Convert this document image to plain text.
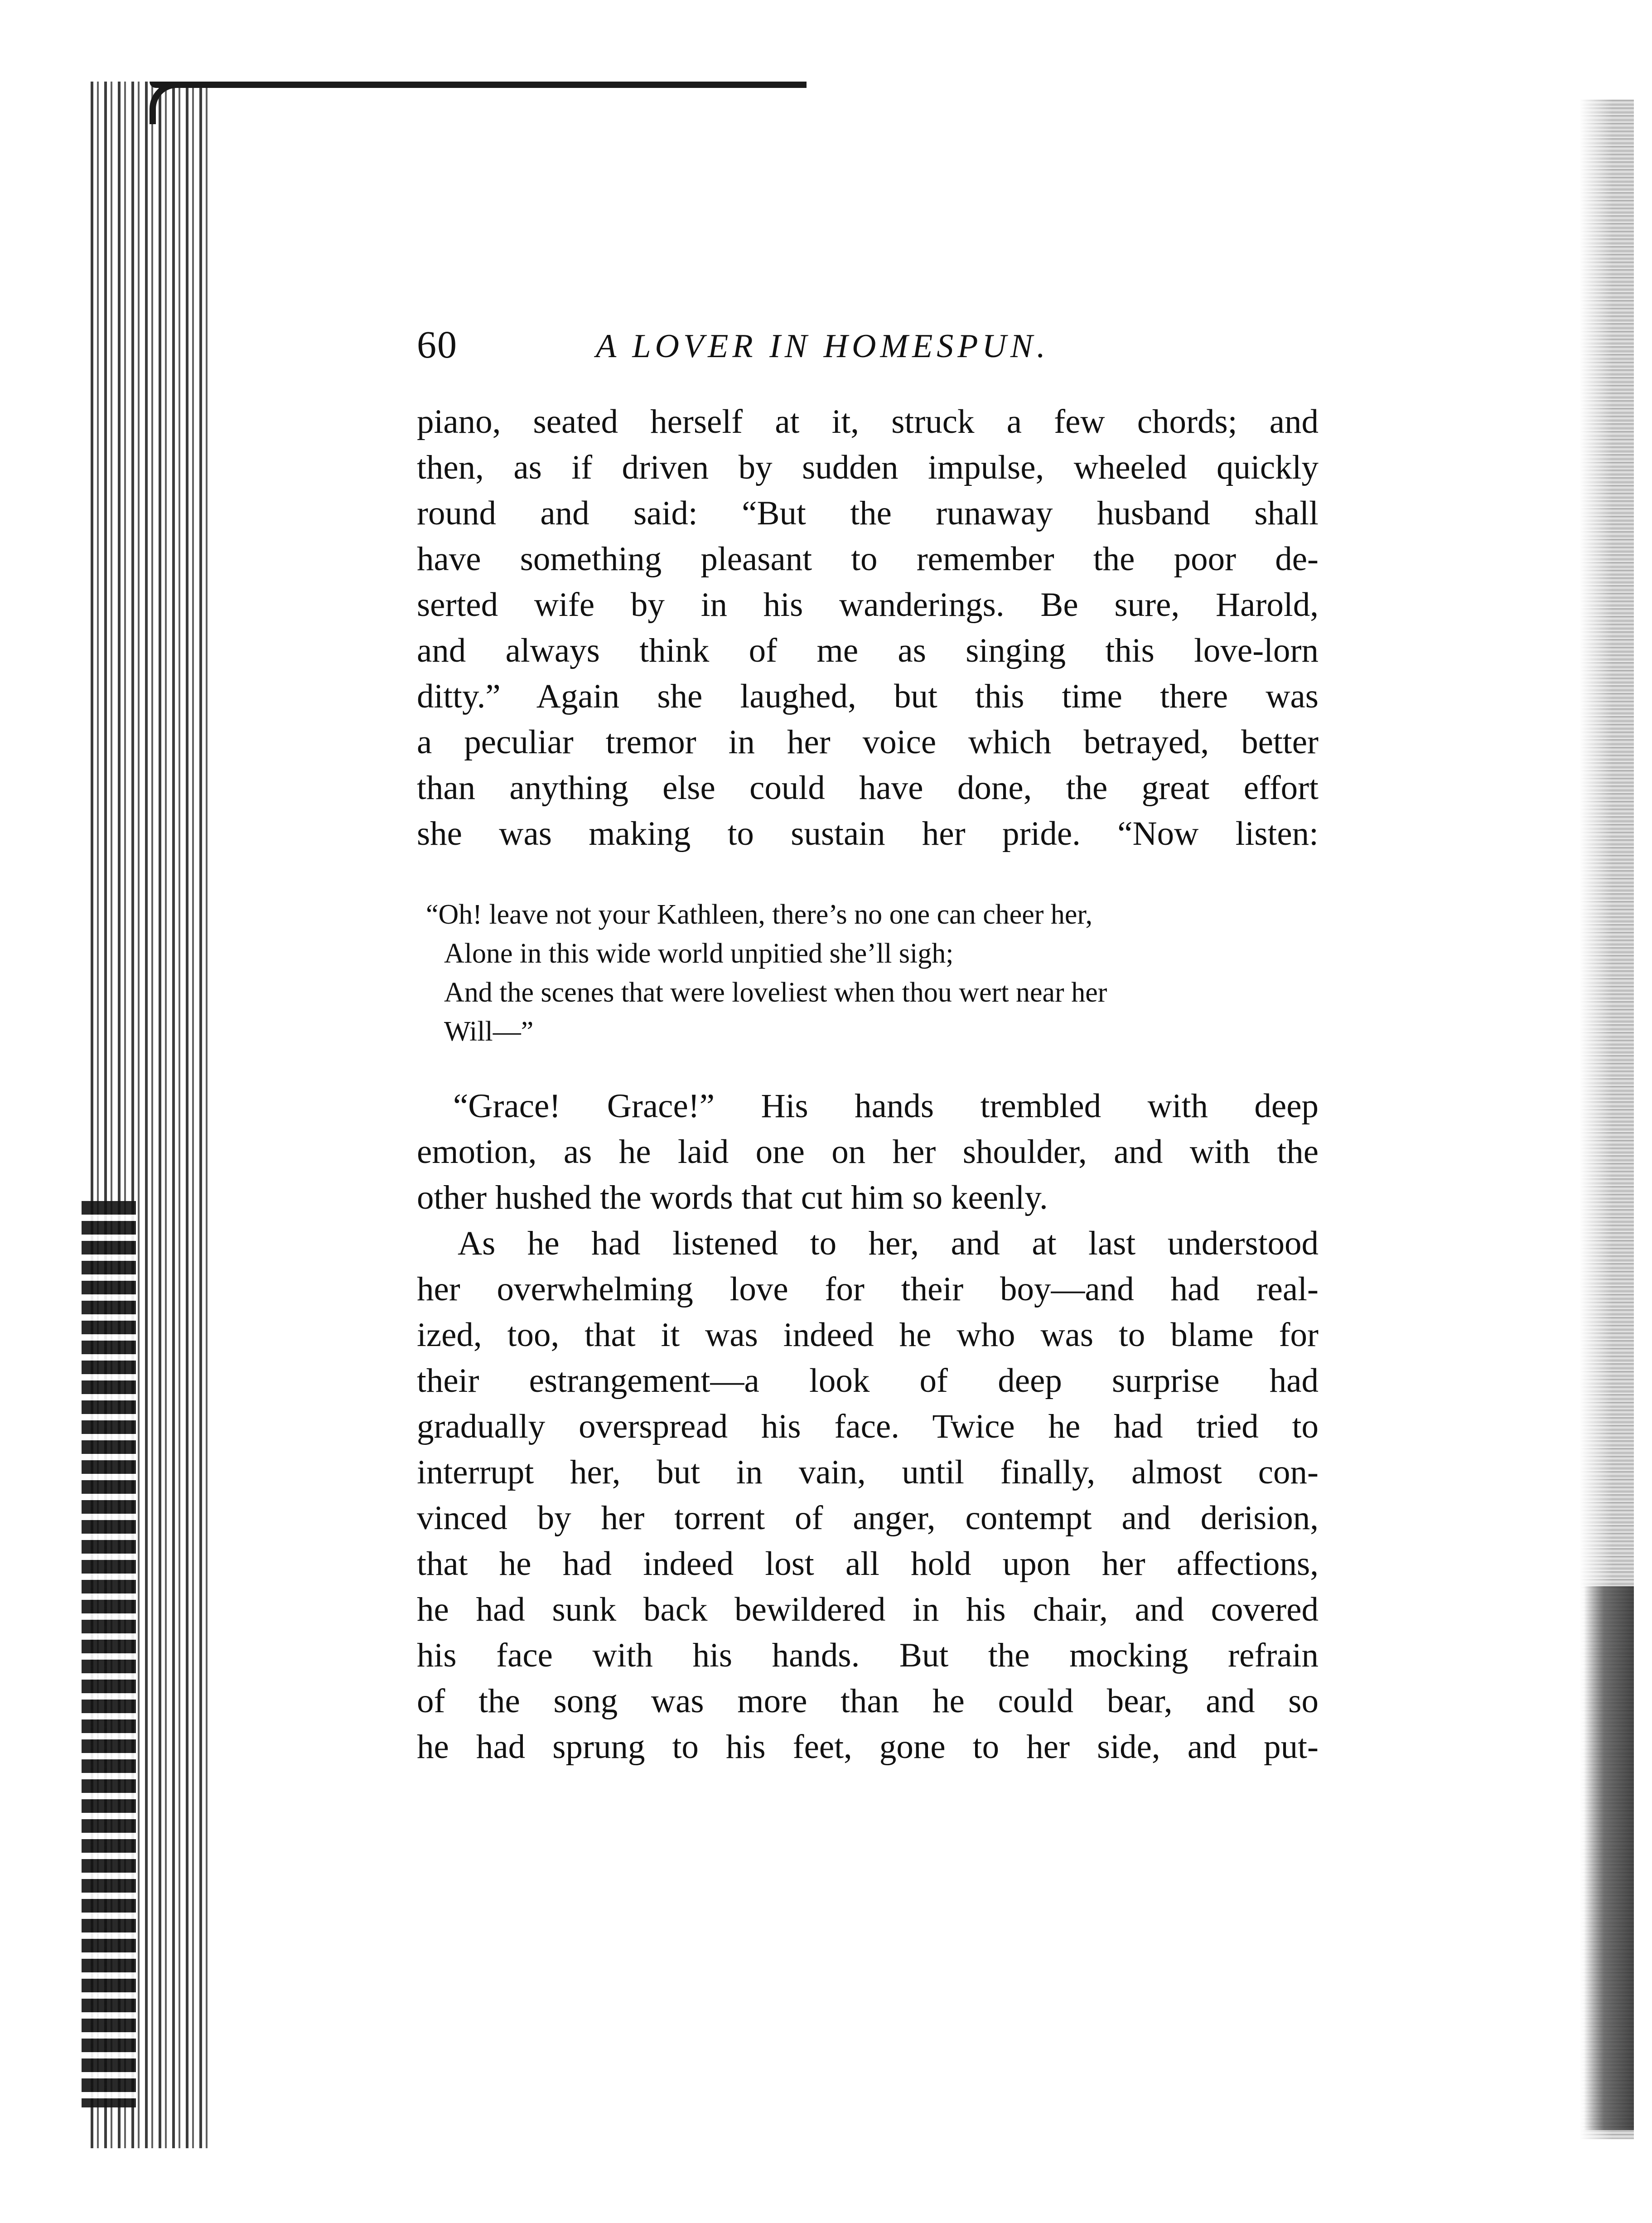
60	A LOVER IN HOMESPUN.
piano, seated herself at it, struck a few chords; and
then, as if driven by sudden impulse, wheeled quickly
round and said: “But the runaway husband shall
have something pleasant to remember the poor de-
serted wife by in his wanderings. Be sure, Harold,
and always think of me as singing this love-lorn
ditty.” Again she laughed, but this time there was
a peculiar tremor in her voice which betrayed, better
than anything else could have done, the great effort
she was making to sustain her pride. “Now listen:
“Oh! leave not your Kathleen, there’s no one can cheer her,
Alone in this wide world unpitied she’ll sigh;
And the scenes that were loveliest when thou wert near her
Will—”
“Grace! Grace!” His hands trembled with deep
emotion, as he laid one on her shoulder, and with the
other hushed the words that cut him so keenly.
As he had listened to her, and at last understood
her overwhelming love for their boy—and had real-
ized, too, that it was indeed he who was to blame for
their estrangement—a look of deep surprise had
gradually overspread his face. Twice he had tried to
interrupt her, but in vain, until finally, almost con-
vinced by her torrent of anger, contempt and derision,
that he had indeed lost all hold upon her affections,
he had sunk back bewildered in his chair, and covered
his face with his hands. But the mocking refrain
of the song was more than he could bear, and so
he had sprung to his feet, gone to her side, and put-
